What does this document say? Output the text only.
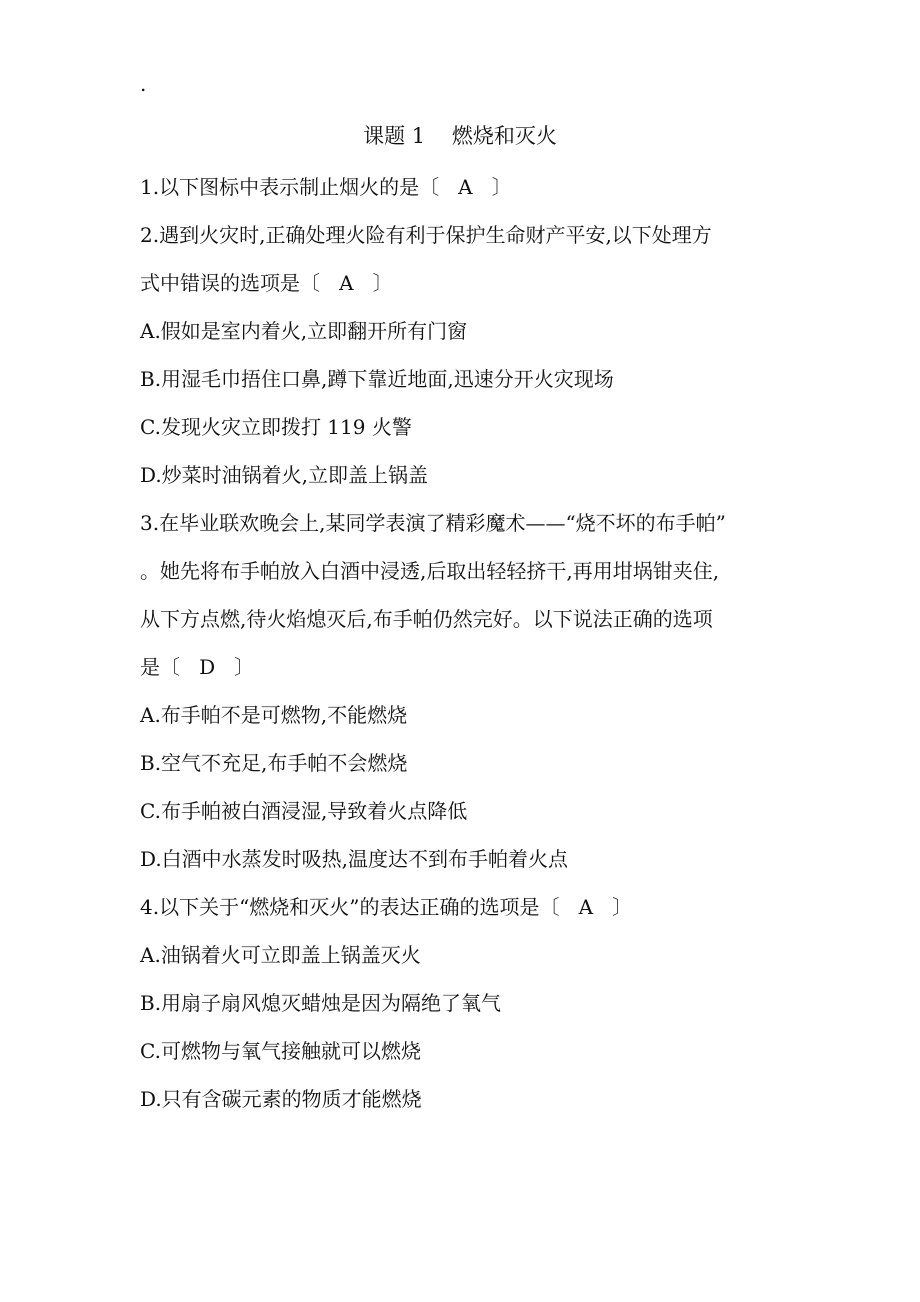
.
课题 1    燃烧和灭火
1.以下图标中表示制止烟火的是〔   A   〕
2.遇到火灾时,正确处理火险有利于保护生命财产平安,以下处理方
式中错误的选项是〔   A   〕
A.假如是室内着火,立即翻开所有门窗
B.用湿毛巾捂住口鼻,蹲下靠近地面,迅速分开火灾现场
C.发现火灾立即拨打 119 火警
D.炒菜时油锅着火,立即盖上锅盖
3.在毕业联欢晚会上,某同学表演了精彩魔术——“烧不坏的布手帕”
。她先将布手帕放入白酒中浸透,后取出轻轻挤干,再用坩埚钳夹住,
从下方点燃,待火焰熄灭后,布手帕仍然完好。以下说法正确的选项
是〔   D   〕
A.布手帕不是可燃物,不能燃烧
B.空气不充足,布手帕不会燃烧
C.布手帕被白酒浸湿,导致着火点降低
D.白酒中水蒸发时吸热,温度达不到布手帕着火点
4.以下关于“燃烧和灭火”的表达正确的选项是〔   A   〕
A.油锅着火可立即盖上锅盖灭火
B.用扇子扇风熄灭蜡烛是因为隔绝了氧气
C.可燃物与氧气接触就可以燃烧
D.只有含碳元素的物质才能燃烧
